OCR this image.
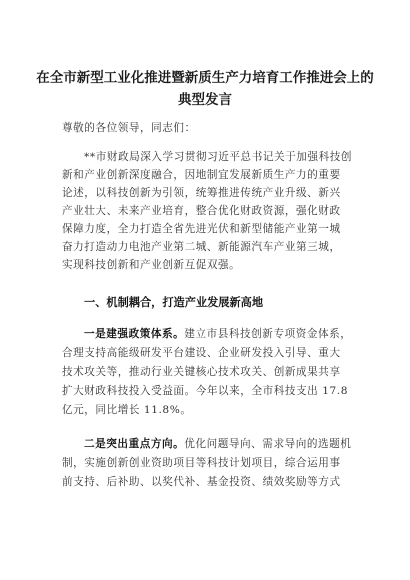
在全市新型工业化推进暨新质生产力培育工作推进会上的
典型发言
尊敬的各位领导，同志们：
**市财政局深入学习贯彻习近平总书记关于加强科技创
新和产业创新深度融合，因地制宜发展新质生产力的重要
论述，以科技创新为引领，统筹推进传统产业升级、新兴
产业壮大、未来产业培育，整合优化财政资源，强化财政
保障力度，全力打造全省先进光伏和新型储能产业第一城
奋力打造动力电池产业第二城、新能源汽车产业第三城，
实现科技创新和产业创新互促双强。
一、机制耦合，打造产业发展新高地
一是建强政策体系。建立市县科技创新专项资金体系，
合理支持高能级研发平台建设、企业研发投入引导、重大
技术攻关等，推动行业关键核心技术攻关、创新成果共享
扩大财政科技投入受益面。今年以来，全市科技支出 17.8
亿元，同比增长 11.8%。
二是突出重点方向。优化问题导向、需求导向的选题机
制，实施创新创业资助项目等科技计划项目，综合运用事
前支持、后补助、以奖代补、基金投资、绩效奖励等方式
